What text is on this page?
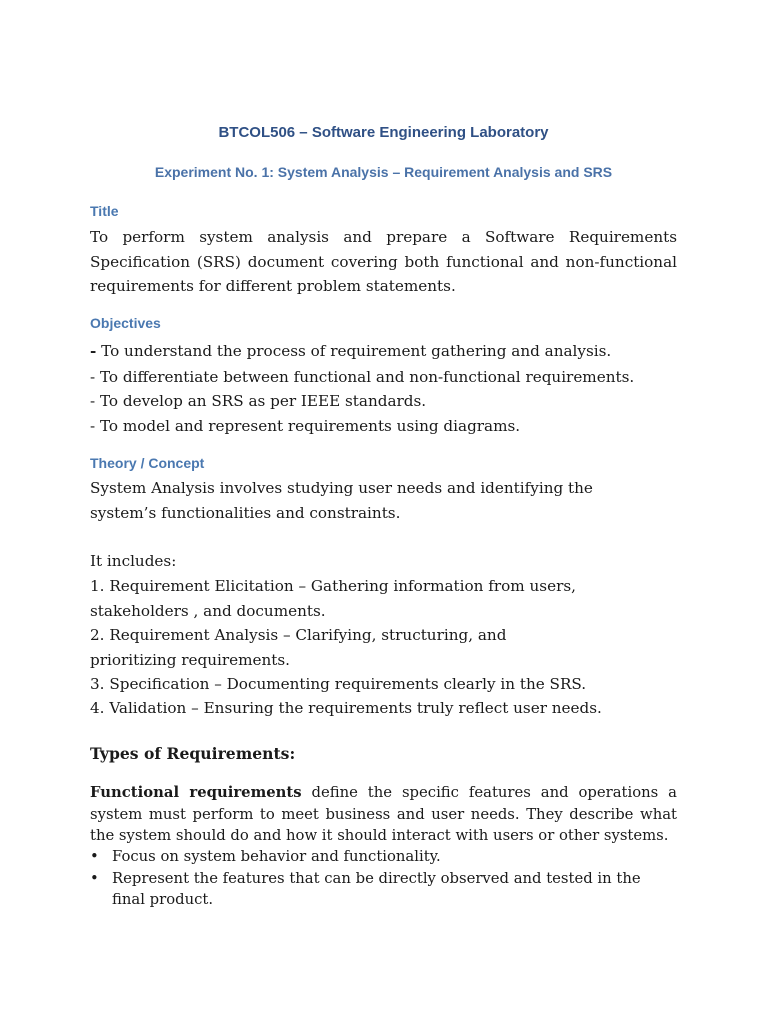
BTCOL506 – Software Engineering Laboratory
Experiment No. 1: System Analysis – Requirement Analysis and SRS
Title

To perform system analysis and prepare a Software Requirements Specification (SRS) document covering both functional and non-functional requirements for different problem statements.

Objectives
- To understand the process of requirement gathering and analysis.
- To differentiate between functional and non-functional requirements.
- To develop an SRS as per IEEE standards.
- To model and represent requirements using diagrams.
Theory / Concept

System Analysis involves studying user needs and identifying the system’s functionalities and constraints.

It includes:

1. Requirement Elicitation – Gathering information from users, stakeholders , and documents.

2. Requirement Analysis – Clarifying, structuring, and prioritizing requirements.

3. Specification – Documenting requirements clearly in the SRS.
4. Validation – Ensuring the requirements truly reflect user needs.
Types of Requirements:

Functional requirements define the specific features and operations a system must perform to meet business and user needs. They describe what the system should do and how it should interact with users or other systems.

• Focus on system behavior and functionality.
• Represent the features that can be directly observed and tested in the final product.
